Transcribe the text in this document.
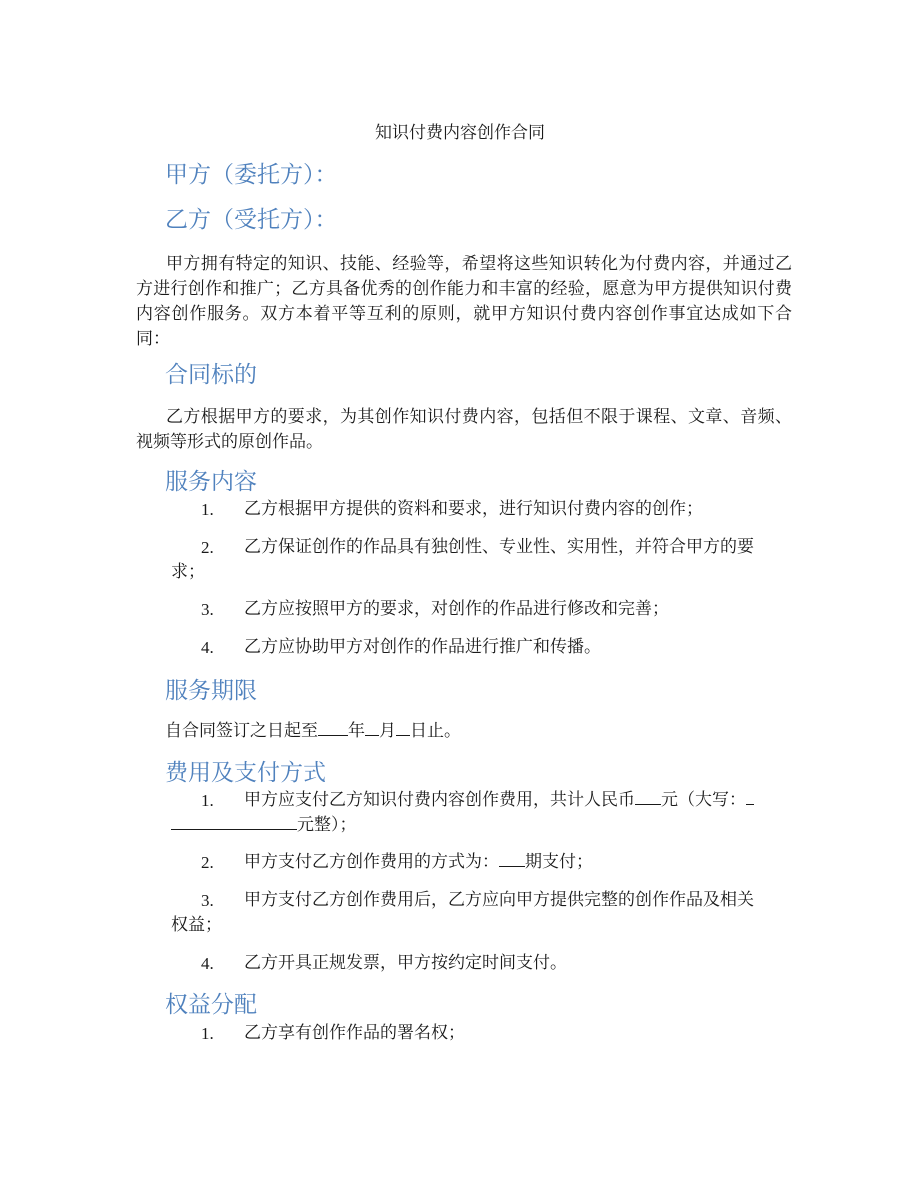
知识付费内容创作合同
甲方（委托方）：
乙方（受托方）：
甲方拥有特定的知识、技能、经验等，希望将这些知识转化为付费内容，并通过乙方进行创作和推广；乙方具备优秀的创作能力和丰富的经验，愿意为甲方提供知识付费内容创作服务。双方本着平等互利的原则，就甲方知识付费内容创作事宜达成如下合同：
合同标的
乙方根据甲方的要求，为其创作知识付费内容，包括但不限于课程、文章、音频、视频等形式的原创作品。
服务内容
1.	乙方根据甲方提供的资料和要求，进行知识付费内容的创作；
2.	乙方保证创作的作品具有独创性、专业性、实用性，并符合甲方的要
求；
3.	乙方应按照甲方的要求，对创作的作品进行修改和完善；
4.	乙方应协助甲方对创作的作品进行推广和传播。
服务期限
自合同签订之日起至 年 月 日止。
费用及支付方式
1.	甲方应支付乙方知识付费内容创作费用，共计人民币 元（大写：
元整）；
2.	甲方支付乙方创作费用的方式为： 期支付；
3.	甲方支付乙方创作费用后，乙方应向甲方提供完整的创作作品及相关
权益；
4.	乙方开具正规发票，甲方按约定时间支付。
权益分配
1.	乙方享有创作作品的署名权；
